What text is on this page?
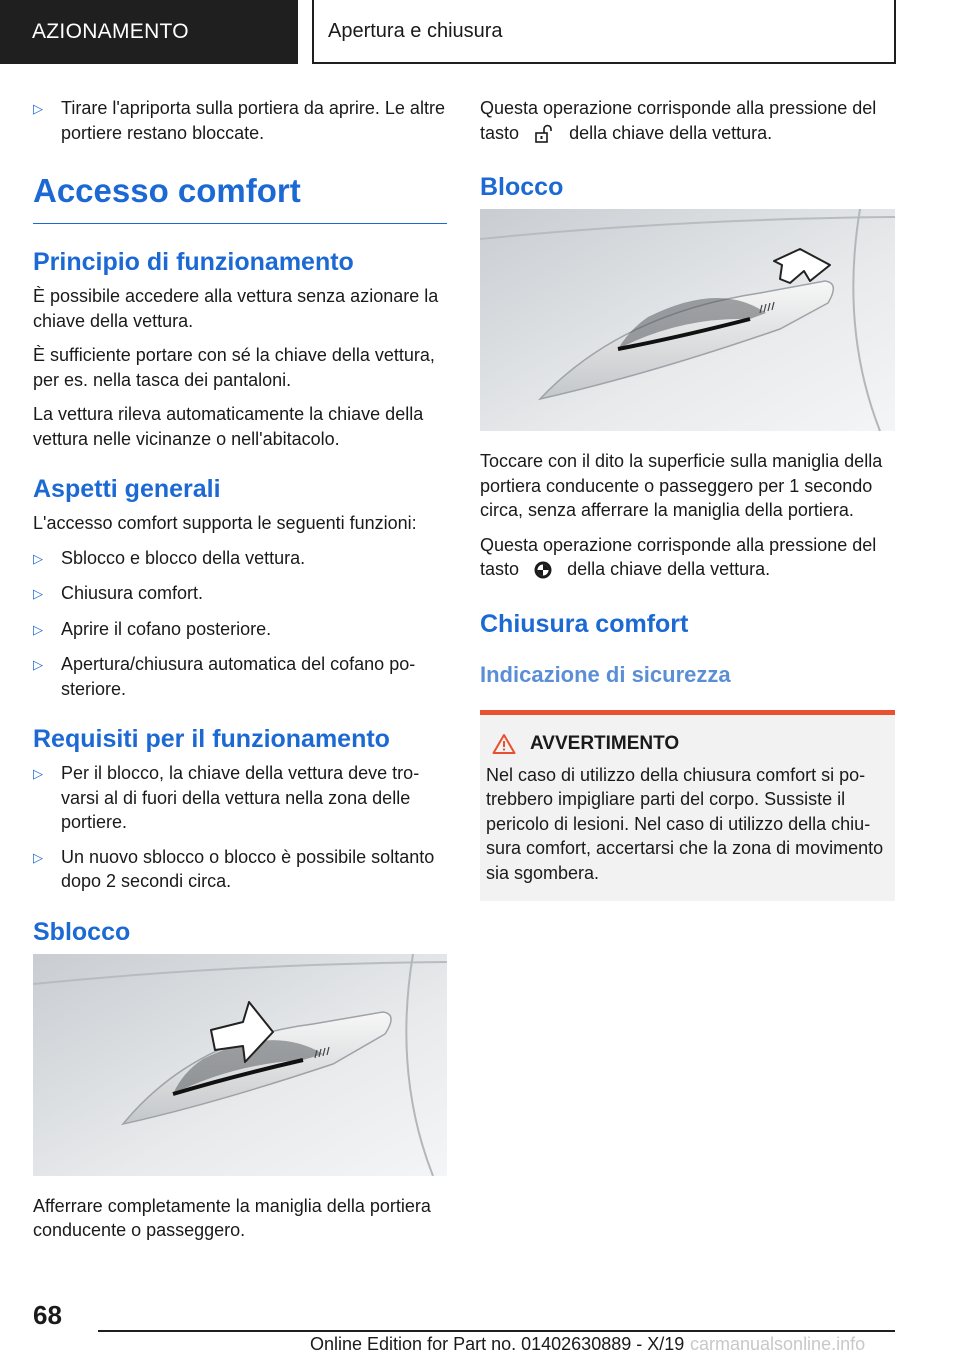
AZIONAMENTO	Apertura e chiusura
▷	Tirare l'apriporta sulla portiera da aprire. Le altre portiere restano bloccate.
Accesso comfort
Principio di funzionamento

È possibile accedere alla vettura senza azionare la chiave della vettura.

È sufficiente portare con sé la chiave della vettura, per es. nella tasca dei pantaloni.

La vettura rileva automaticamente la chiave della vettura nelle vicinanze o nell'abitacolo.

Aspetti generali

L'accesso comfort supporta le seguenti funzioni:

▷	Sblocco e blocco della vettura.
▷	Chiusura comfort.
▷	Aprire il cofano posteriore.
▷	Apertura/chiusura automatica del cofano posteriore.
Requisiti per il funzionamento
▷	Per il blocco, la chiave della vettura deve trovarsi al di fuori della vettura nella zona delle portiere.
▷	Un nuovo sblocco o blocco è possibile soltanto dopo 2 secondi circa.
Sblocco

Afferrare completamente la maniglia della portiera conducente o passeggero.

Questa operazione corrisponde alla pressione del tasto	della chiave della vettura.

Blocco

Toccare con il dito la superficie sulla maniglia della portiera conducente o passeggero per 1 secondo circa, senza afferrare la maniglia della portiera.

Questa operazione corrisponde alla pressione del tasto	della chiave della vettura.

Chiusura comfort
Indicazione di sicurezza
AVVERTIMENTO

Nel caso di utilizzo della chiusura comfort si potrebbero impigliare parti del corpo. Sussiste il pericolo di lesioni. Nel caso di utilizzo della chiusura comfort, accertarsi che la zona di movimento sia sgombera.

68
Online Edition for Part no. 01402630889 - X/19 carmanualsonline.info
